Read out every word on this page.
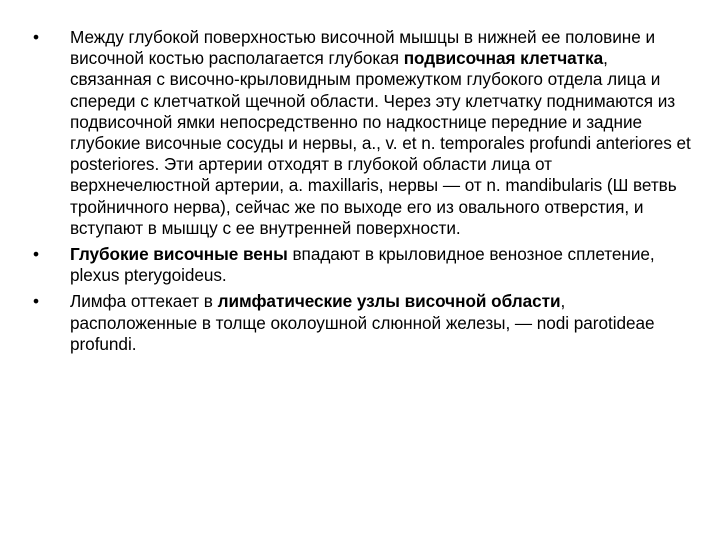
•	Между глубокой поверхностью височной мышцы в нижней ее половине и височной костью располагается глубокая подвисочная клетчатка, связанная с височно-крыловидным промежутком глубокого отдела лица и спереди с клетчаткой щечной области. Через эту клетчатку поднимаются из подвисочной ямки непосредственно по надкостнице передние и задние глубокие височные сосуды и нервы, а., v. et n. temporales profundi anteriores et posteriores. Эти артерии отходят в глубокой области лица от верхнечелюстной артерии, a. maxillaris, нервы — от n. mandibularis (Ш ветвь тройничного нерва), сейчас же по выходе его из овального отверстия, и вступают в мышцу с ее внутренней поверхности.
•	Глубокие височные вены впадают в крыловидное венозное сплетение, plexus pterygoideus.
•	Лимфа оттекает в лимфатические узлы височной области, расположенные в толще околоушной слюнной железы, — nodi parotideae profundi.
